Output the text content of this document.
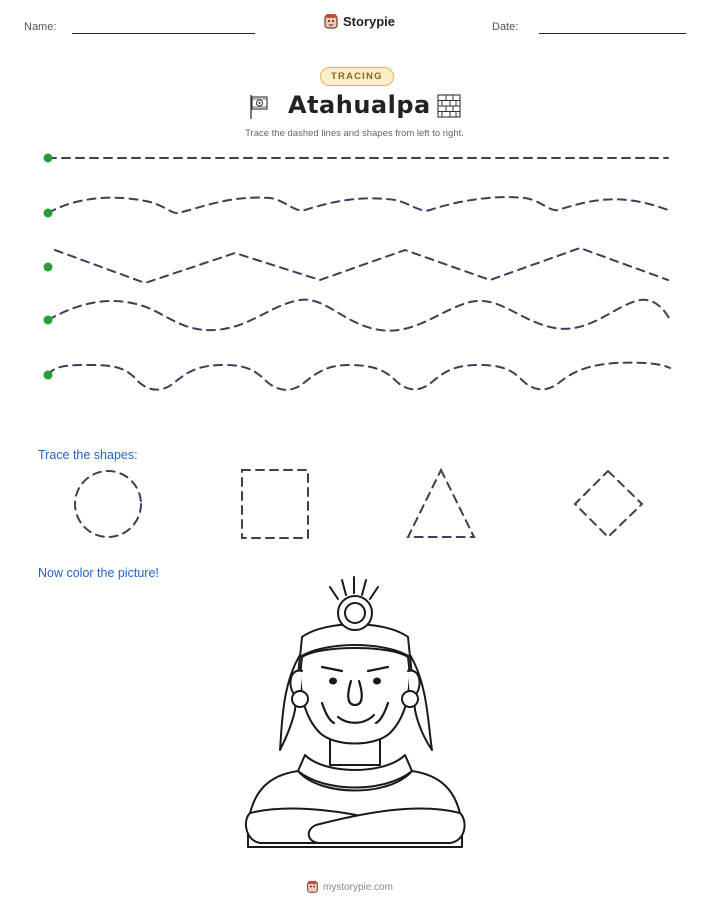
Name:	Storypie	Date:
TRACING
Atahualpa
Trace the dashed lines and shapes from left to right.
Trace the shapes:
Now color the picture!
mystorypie.com
